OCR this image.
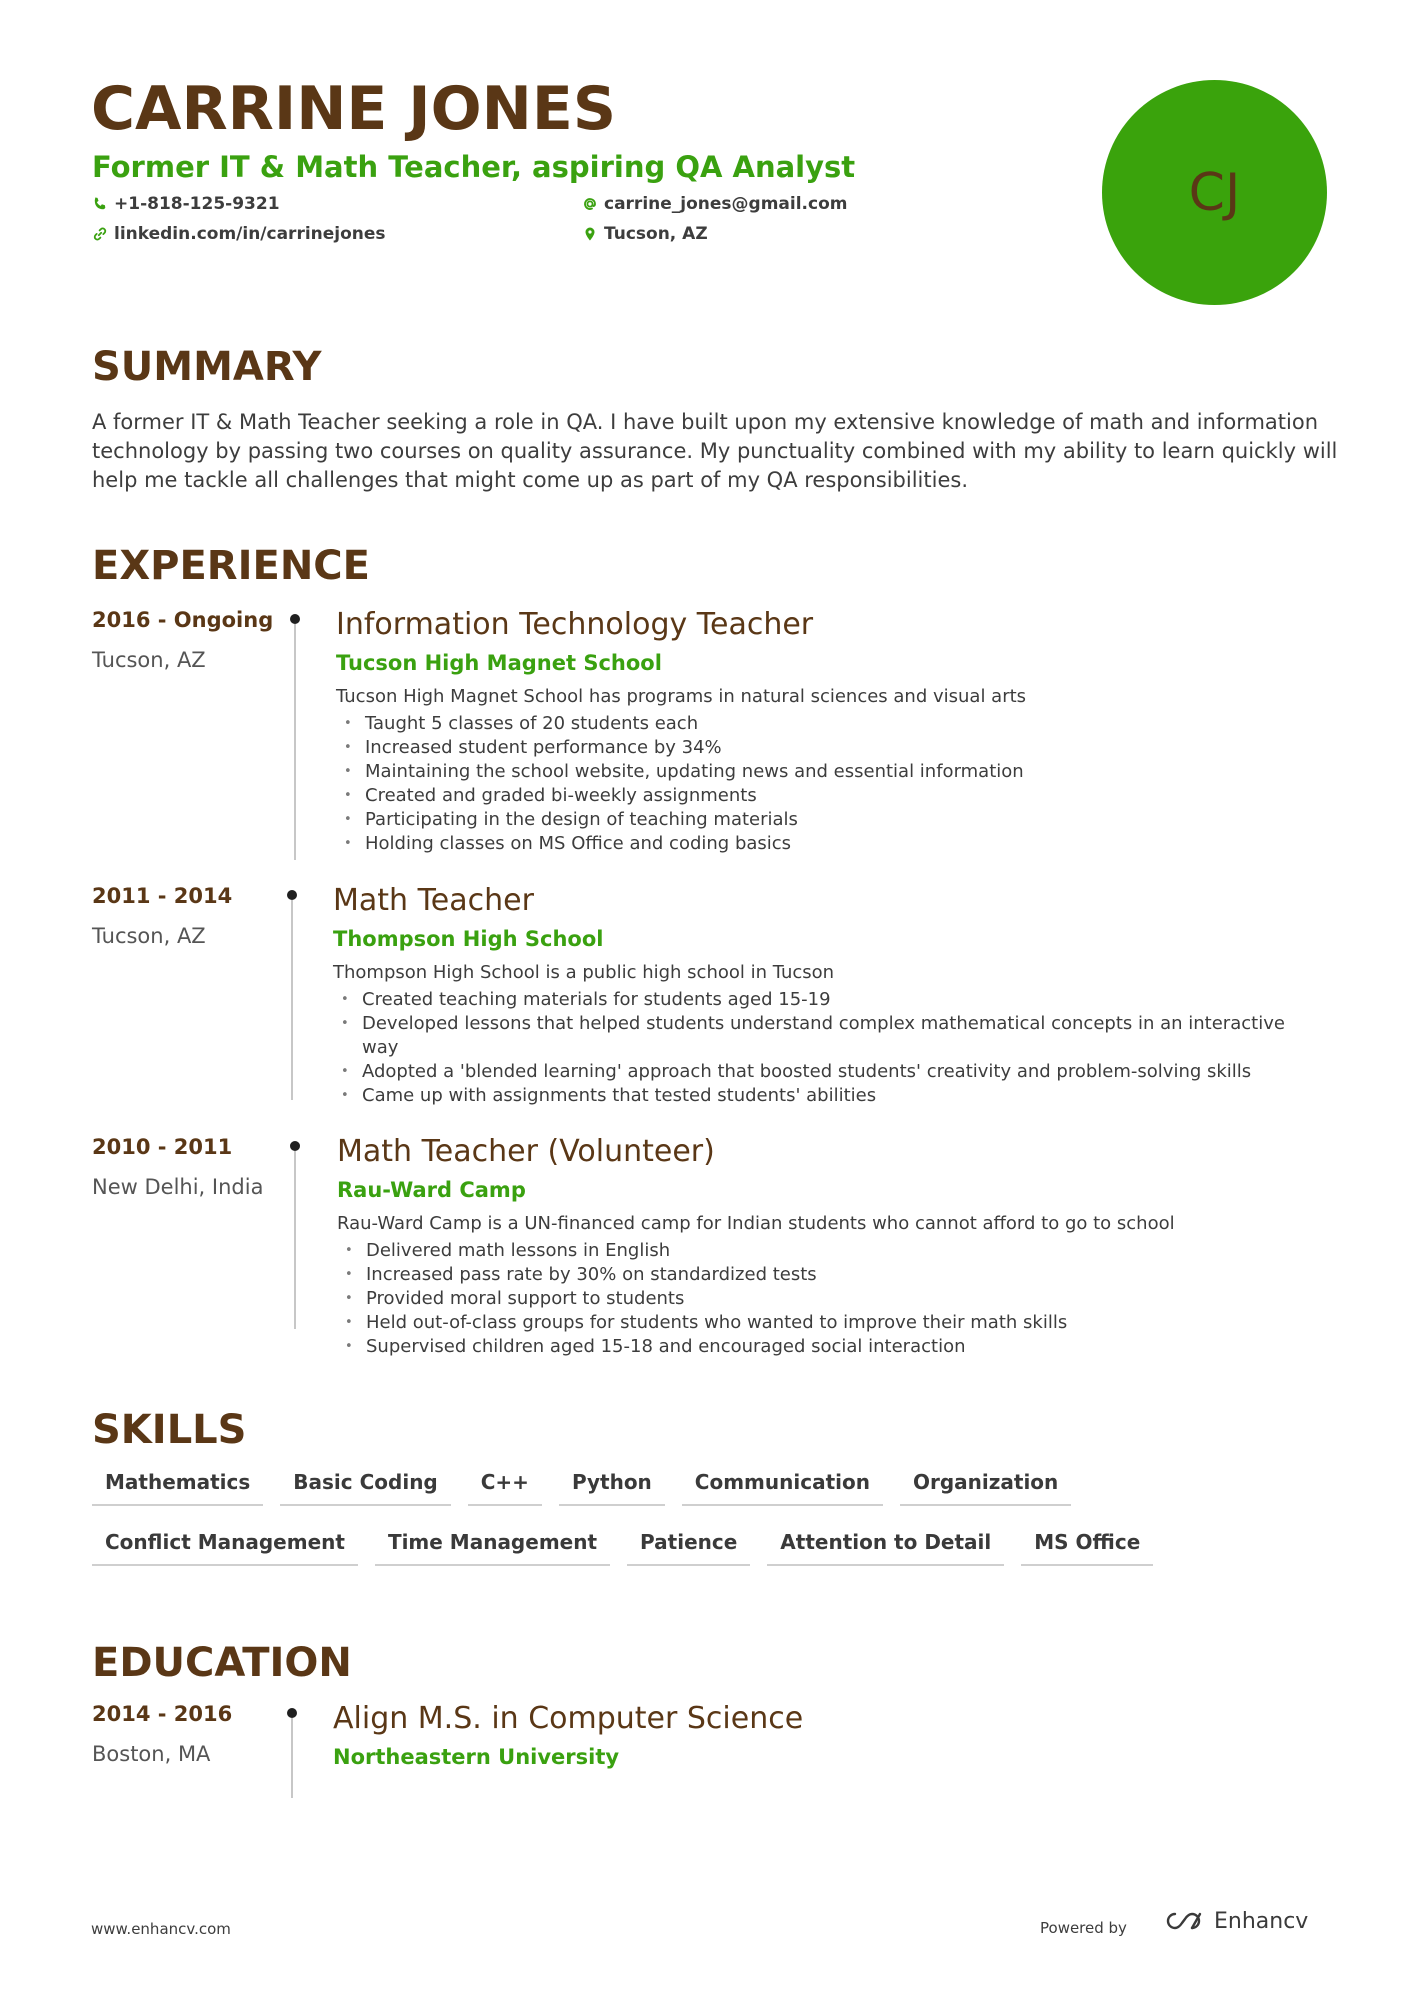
CARRINE JONES
Former IT & Math Teacher, aspiring QA Analyst
+1-818-125-9321	carrine_jones@gmail.com
linkedin.com/in/carrinejones	Tucson, AZ
CJ
SUMMARY
A former IT & Math Teacher seeking a role in QA. I have built upon my extensive knowledge of math and information technology by passing two courses on quality assurance. My punctuality combined with my ability to learn quickly will help me tackle all challenges that might come up as part of my QA responsibilities.
EXPERIENCE
2016 - Ongoing
Tucson, AZ
Information Technology Teacher
Tucson High Magnet School
Tucson High Magnet School has programs in natural sciences and visual arts
• Taught 5 classes of 20 students each
• Increased student performance by 34%
• Maintaining the school website, updating news and essential information
• Created and graded bi-weekly assignments
• Participating in the design of teaching materials
• Holding classes on MS Office and coding basics
2011 - 2014
Tucson, AZ
Math Teacher
Thompson High School
Thompson High School is a public high school in Tucson
• Created teaching materials for students aged 15-19
• Developed lessons that helped students understand complex mathematical concepts in an interactive way
• Adopted a 'blended learning' approach that boosted students' creativity and problem-solving skills
• Came up with assignments that tested students' abilities
2010 - 2011
New Delhi, India
Math Teacher (Volunteer)
Rau-Ward Camp
Rau-Ward Camp is a UN-financed camp for Indian students who cannot afford to go to school
• Delivered math lessons in English
• Increased pass rate by 30% on standardized tests
• Provided moral support to students
• Held out-of-class groups for students who wanted to improve their math skills
• Supervised children aged 15-18 and encouraged social interaction
SKILLS
Mathematics	Basic Coding	C++	Python	Communication	Organization
Conflict Management	Time Management	Patience	Attention to Detail	MS Office
EDUCATION
2014 - 2016
Boston, MA
Align M.S. in Computer Science
Northeastern University
www.enhancv.com	Powered by	Enhancv
